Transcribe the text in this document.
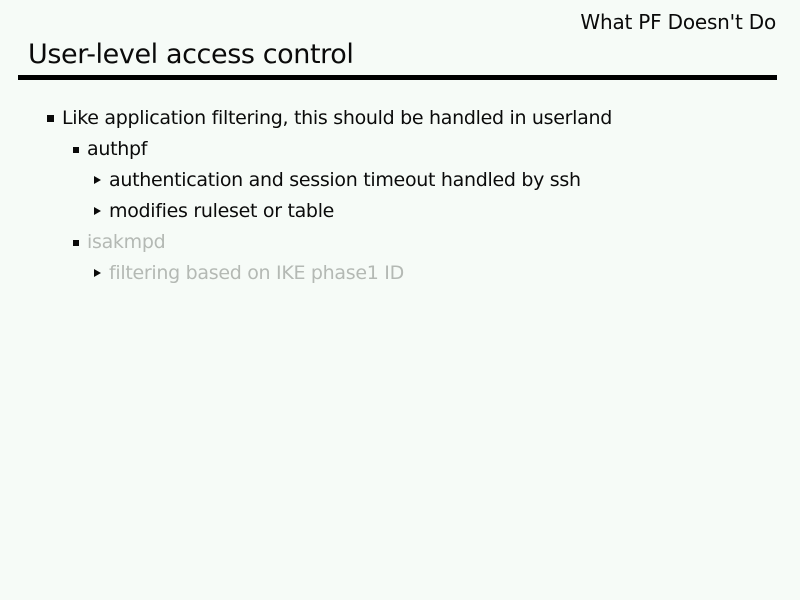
What PF Doesn't Do
User-level access control
Like application filtering, this should be handled in userland
authpf
authentication and session timeout handled by ssh
modifies ruleset or table
isakmpd
filtering based on IKE phase1 ID
